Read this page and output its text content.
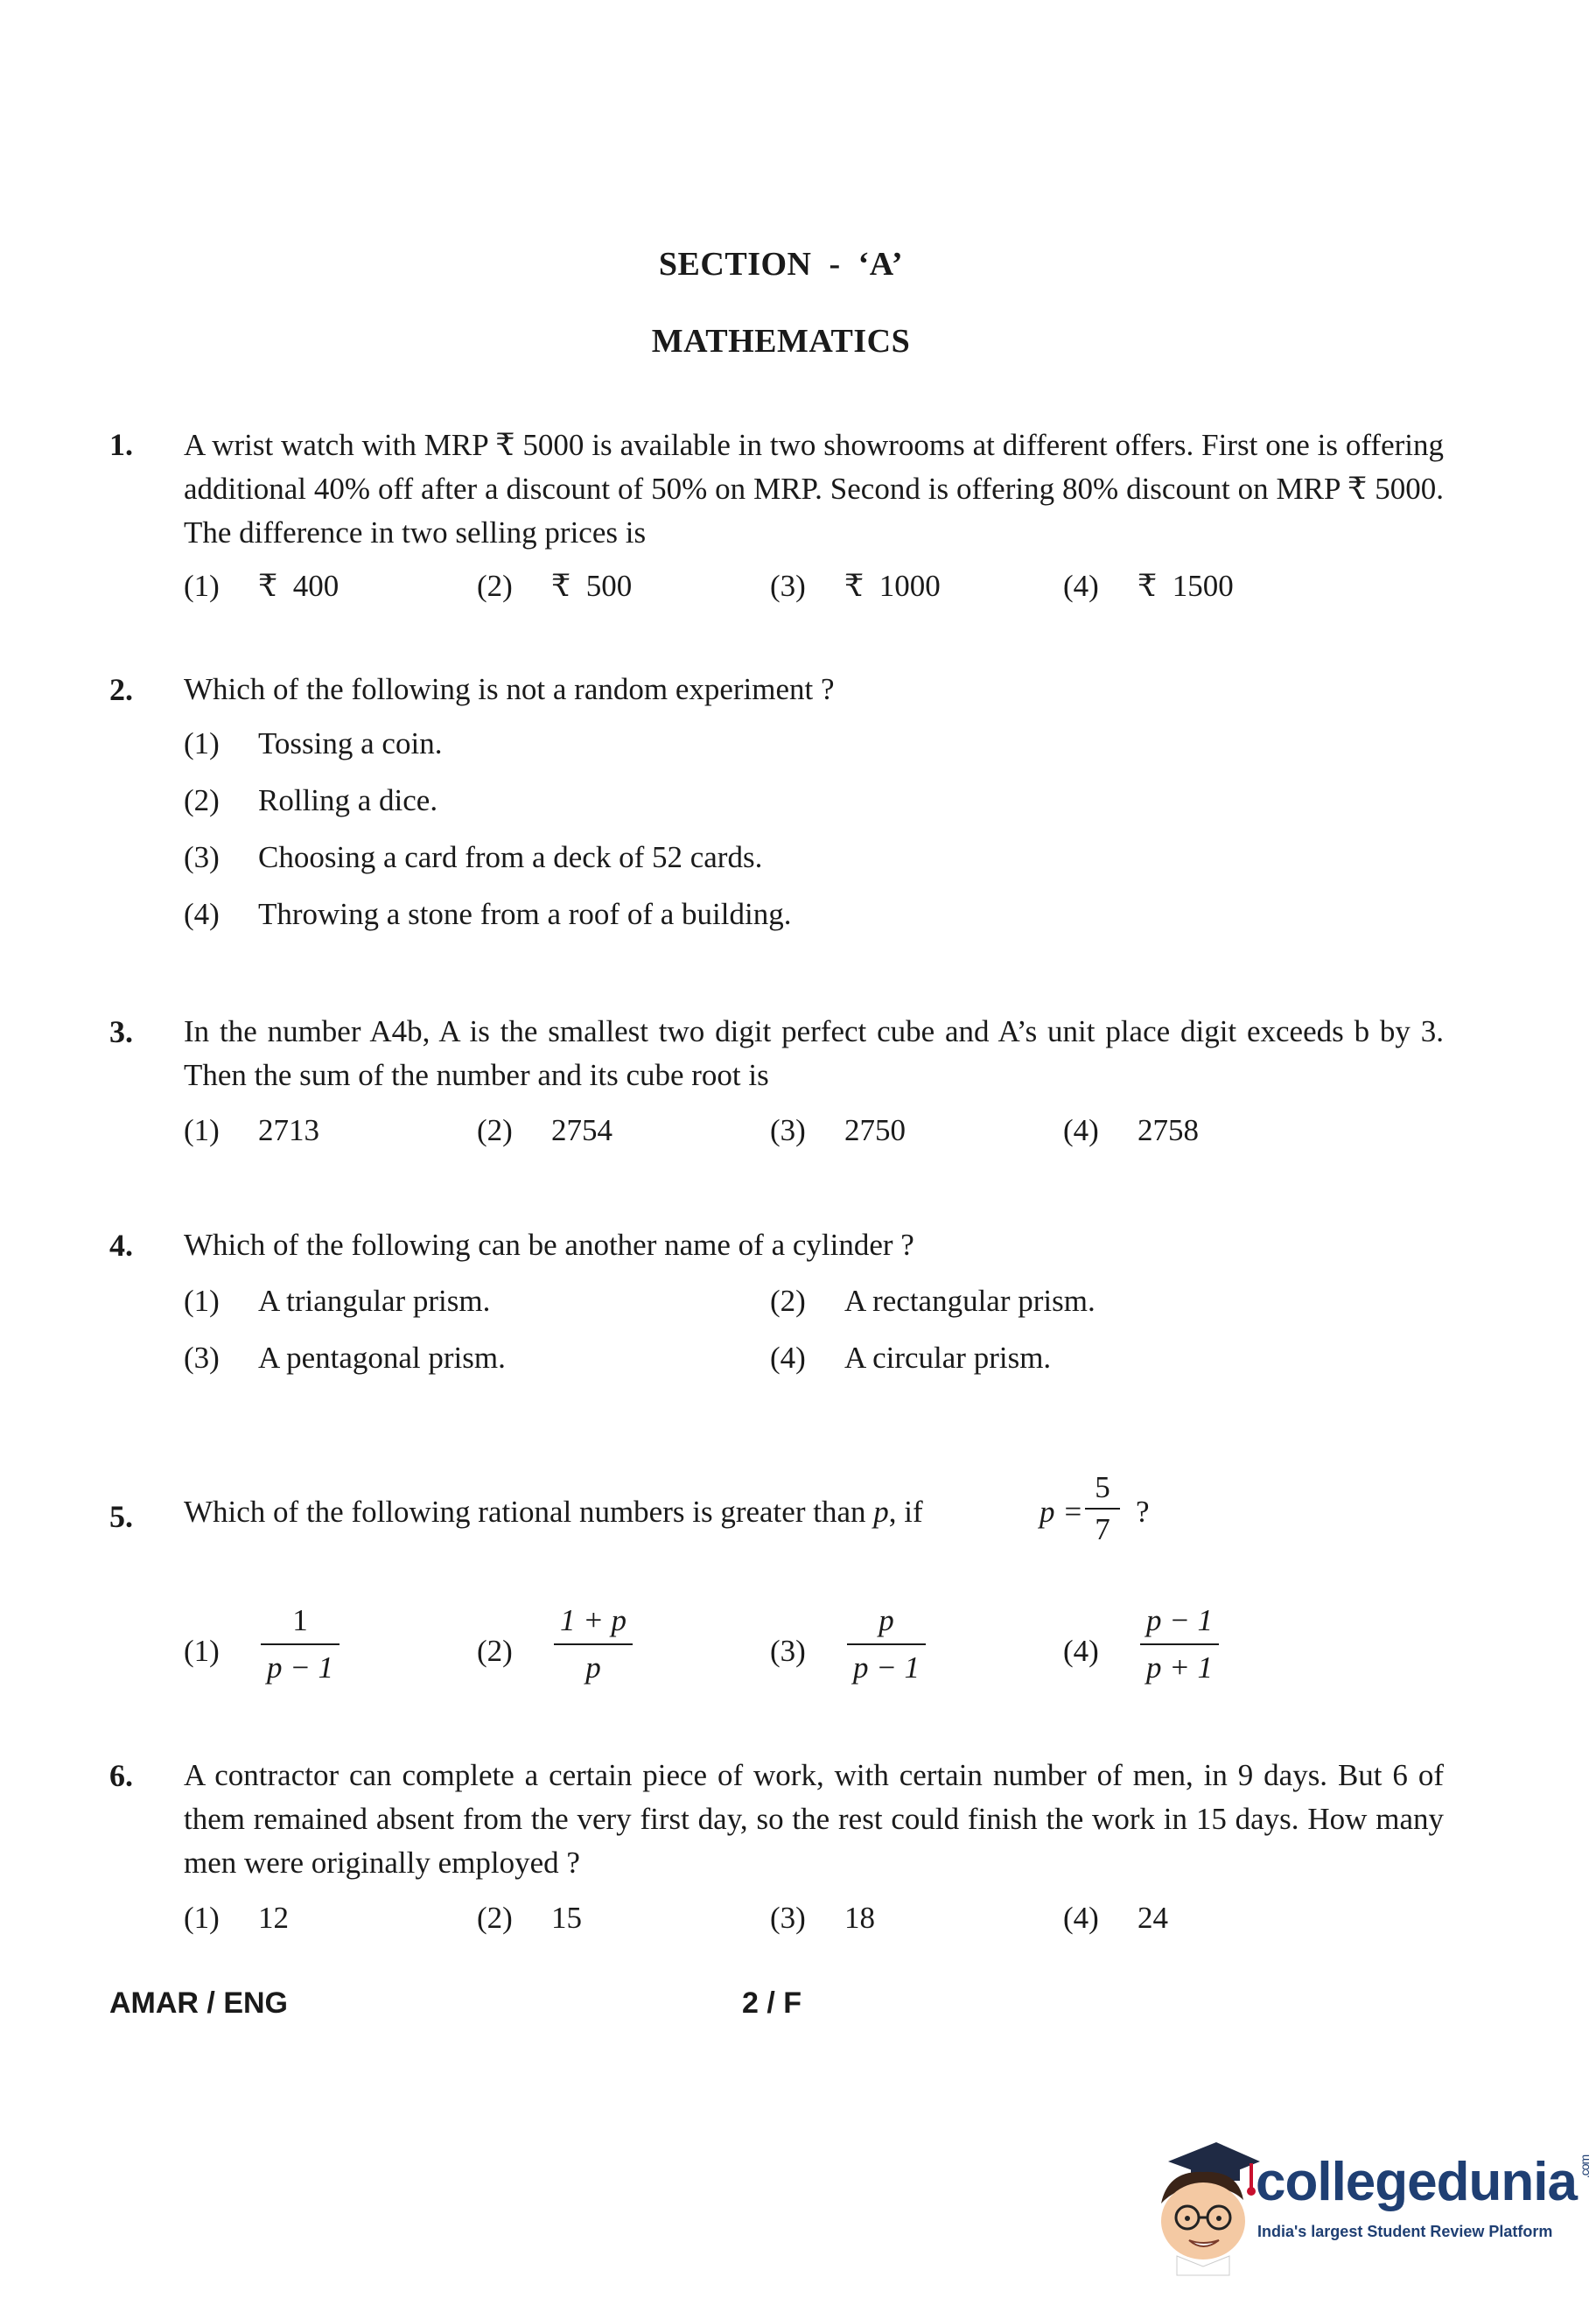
SECTION  -  ‘A’
MATHEMATICS
1. A wrist watch with MRP ₹ 5000 is available in two showrooms at different offers. First one is offering additional 40% off after a discount of 50% on MRP. Second is offering 80% discount on MRP ₹ 5000. The difference in two selling prices is
(1) ₹  400	(2) ₹  500	(3) ₹  1000	(4) ₹  1500
2. Which of the following is not a random experiment ?
(1) Tossing a coin.
(2) Rolling a dice.
(3) Choosing a card from a deck of 52 cards.
(4) Throwing a stone from a roof of a building.
3. In the number A4b, A is the smallest two digit perfect cube and A’s unit place digit exceeds b by 3. Then the sum of the number and its cube root is
(1) 2713	(2) 2754	(3) 2750	(4) 2758
4. Which of the following can be another name of a cylinder ?
(1) A triangular prism.	(2) A rectangular prism.
(3) A pentagonal prism.	(4) A circular prism.
5. Which of the following rational numbers is greater than p, if	$p = \frac{5}{7}$ ?
$(1) \frac{1}{p - 1}$	$(2) \frac{1 + p}{p}$	$(3) \frac{p}{p - 1}$	$(4) \frac{p - 1}{p + 1}$
6. A contractor can complete a certain piece of work, with certain number of men, in 9 days. But 6 of them remained absent from the very first day, so the rest could finish the work in 15 days. How many men were originally employed ?
(1) 12	(2) 15	(3) 18	(4) 24
AMAR / ENG	2 / F
collegedunia.com
India's largest Student Review Platform
